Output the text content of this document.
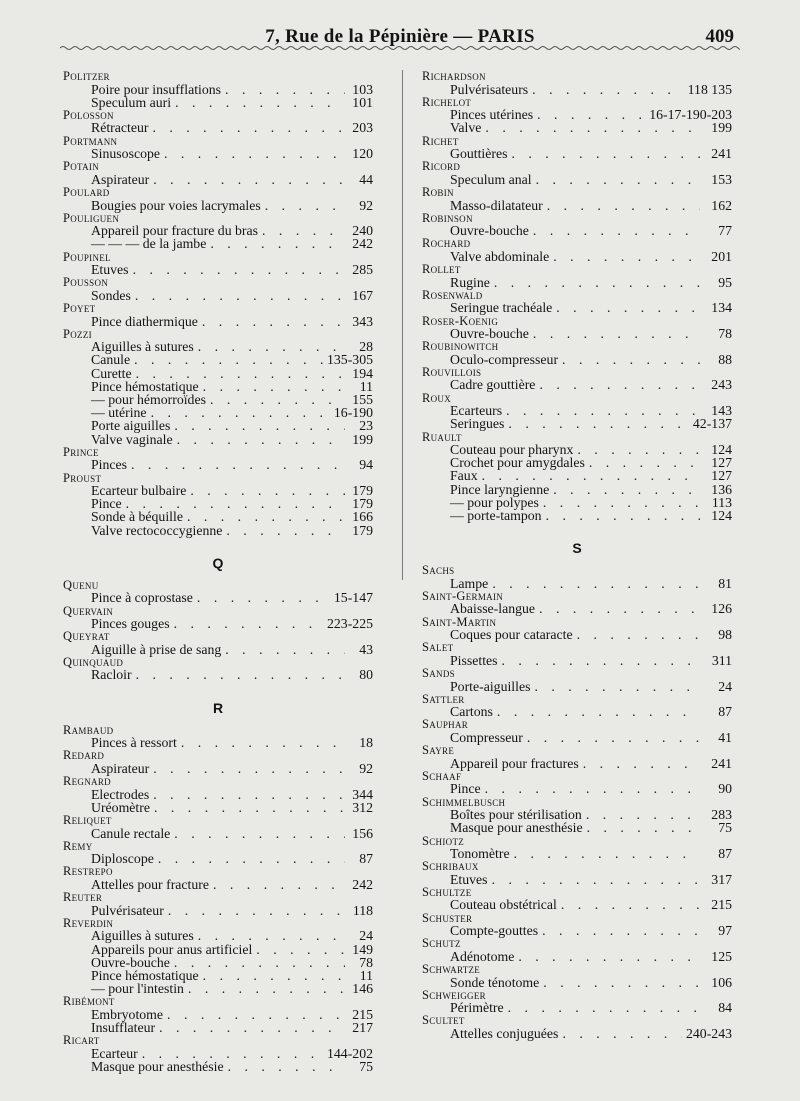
7, Rue de la Pépinière — PARIS	409
Politzer
Poire pour insufflations . . .	103
Speculum auri . . .	101
Polosson
Rétracteur . . .	203
Portmann
Sinusoscope . . .	120
Potain
Aspirateur . . .	44
Poulard
Bougies pour voies lacrymales . . .	92
Pouliguen
Appareil pour fracture du bras . . .	240
— — — de la jambe . . .	242
Poupinel
Etuves . . .	285
Pousson
Sondes . . .	167
Poyet
Pince diathermique . . .	343
Pozzi
Aiguilles à sutures . . .	28
Canule . . .	135-305
Curette . . .	194
Pince hémostatique . . .	11
— pour hémorroïdes . . .	155
— utérine . . .	16-190
Porte aiguilles . . .	23
Valve vaginale . . .	199
Prince
Pinces . . .	94
Proust
Ecarteur bulbaire . . .	179
Pince . . .	179
Sonde à béquille . . .	166
Valve rectococcygienne . . .	179
Q
Quenu
Pince à coprostase . . .	15-147
Quervain
Pinces gouges . . .	223-225
Queyrat
Aiguille à prise de sang . . .	43
Quinquaud
Racloir . . .	80
R
Rambaud
Pinces à ressort . . .	18
Redard
Aspirateur . . .	92
Regnard
Electrodes . . .	344
Uréomètre . . .	312
Reliquet
Canule rectale . . .	156
Remy
Diploscope . . .	87
Restrepo
Attelles pour fracture . . .	242
Reuter
Pulvérisateur . . .	118
Reverdin
Aiguilles à sutures . . .	24
Appareils pour anus artificiel . . .	149
Ouvre-bouche . . .	78
Pince hémostatique . . .	11
— pour l'intestin . . .	146
Ribémont
Embryotome . . .	215
Insufflateur . . .	217
Ricart
Ecarteur . . .	144-202
Masque pour anesthésie . . .	75
Richardson
Pulvérisateurs . . .	118 135
Richelot
Pinces utérines . . .	16-17-190-203
Valve . . .	199
Richet
Gouttières . . .	241
Ricord
Speculum anal . . .	153
Robin
Masso-dilatateur . . .	162
Robinson
Ouvre-bouche . . .	77
Rochard
Valve abdominale . . .	201
Rollet
Rugine . . .	95
Rosenwald
Seringue trachéale . . .	134
Roser-Koenig
Ouvre-bouche . . .	78
Roubinowitch
Oculo-compresseur . . .	88
Rouvillois
Cadre gouttière . . .	243
Roux
Ecarteurs . . .	143
Seringues . . .	42-137
Ruault
Couteau pour pharynx . . .	124
Crochet pour amygdales . . .	127
Faux . . .	127
Pince laryngienne . . .	136
— pour polypes . . .	113
— porte-tampon . . .	124
S
Sachs
Lampe . . .	81
Saint-Germain
Abaisse-langue . . .	126
Saint-Martin
Coques pour cataracte . . .	98
Salet
Pissettes . . .	311
Sands
Porte-aiguilles . . .	24
Sattler
Cartons . . .	87
Sauphar
Compresseur . . .	41
Sayre
Appareil pour fractures . . .	241
Schaaf
Pince . . .	90
Schimmelbusch
Boîtes pour stérilisation . . .	283
Masque pour anesthésie . . .	75
Schiotz
Tonomètre . . .	87
Schribaux
Etuves . . .	317
Schultze
Couteau obstétrical . . .	215
Schuster
Compte-gouttes . . .	97
Schutz
Adénotome . . .	125
Schwartze
Sonde ténotome . . .	106
Schweigger
Périmètre . . .	84
Scultet
Attelles conjuguées . . .	240-243
